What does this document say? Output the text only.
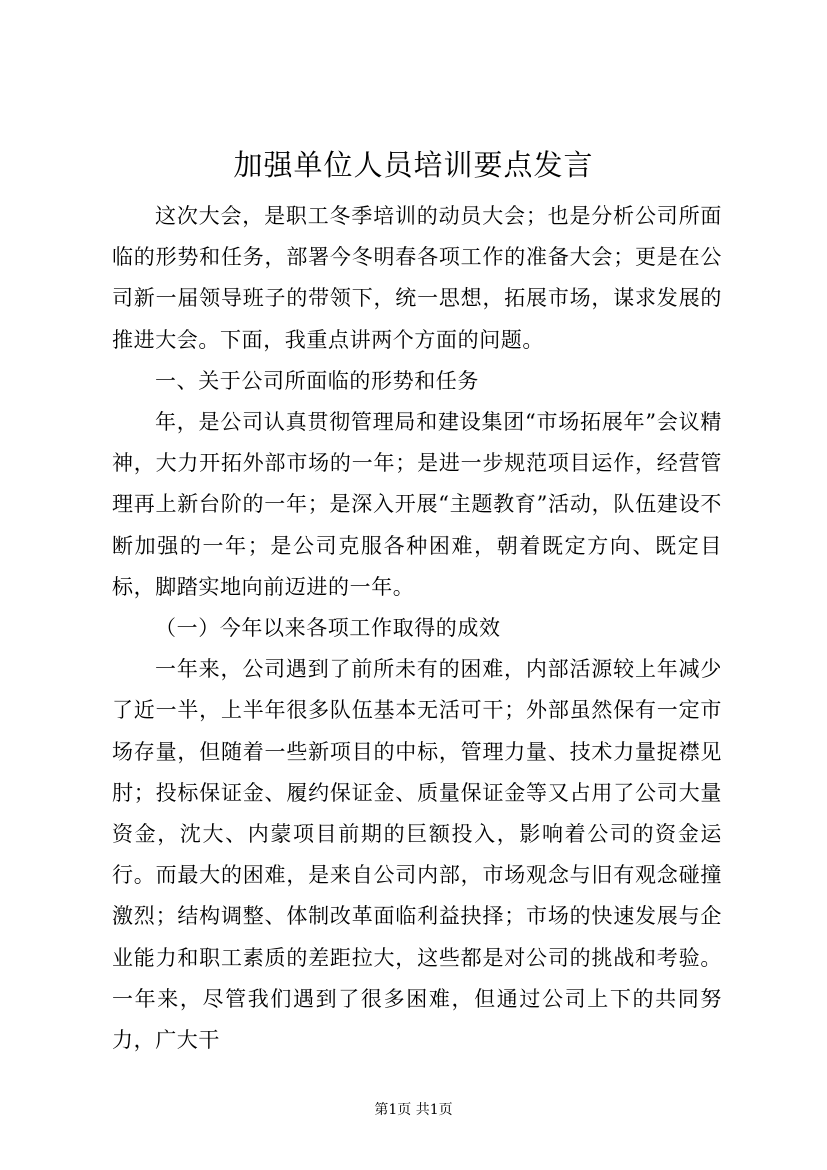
加强单位人员培训要点发言

这次大会，是职工冬季培训的动员大会；也是分析公司所面临的形势和任务，部署今冬明春各项工作的准备大会；更是在公司新一届领导班子的带领下，统一思想，拓展市场，谋求发展的推进大会。下面，我重点讲两个方面的问题。

一、关于公司所面临的形势和任务

年，是公司认真贯彻管理局和建设集团“市场拓展年”会议精神，大力开拓外部市场的一年；是进一步规范项目运作，经营管理再上新台阶的一年；是深入开展“主题教育”活动，队伍建设不断加强的一年；是公司克服各种困难，朝着既定方向、既定目标，脚踏实地向前迈进的一年。

（一）今年以来各项工作取得的成效

一年来，公司遇到了前所未有的困难，内部活源较上年减少了近一半，上半年很多队伍基本无活可干；外部虽然保有一定市场存量，但随着一些新项目的中标，管理力量、技术力量捉襟见肘；投标保证金、履约保证金、质量保证金等又占用了公司大量资金，沈大、内蒙项目前期的巨额投入，影响着公司的资金运行。而最大的困难，是来自公司内部，市场观念与旧有观念碰撞激烈；结构调整、体制改革面临利益抉择；市场的快速发展与企业能力和职工素质的差距拉大，这些都是对公司的挑战和考验。一年来，尽管我们遇到了很多困难，但通过公司上下的共同努力，广大干

第1页 共1页
